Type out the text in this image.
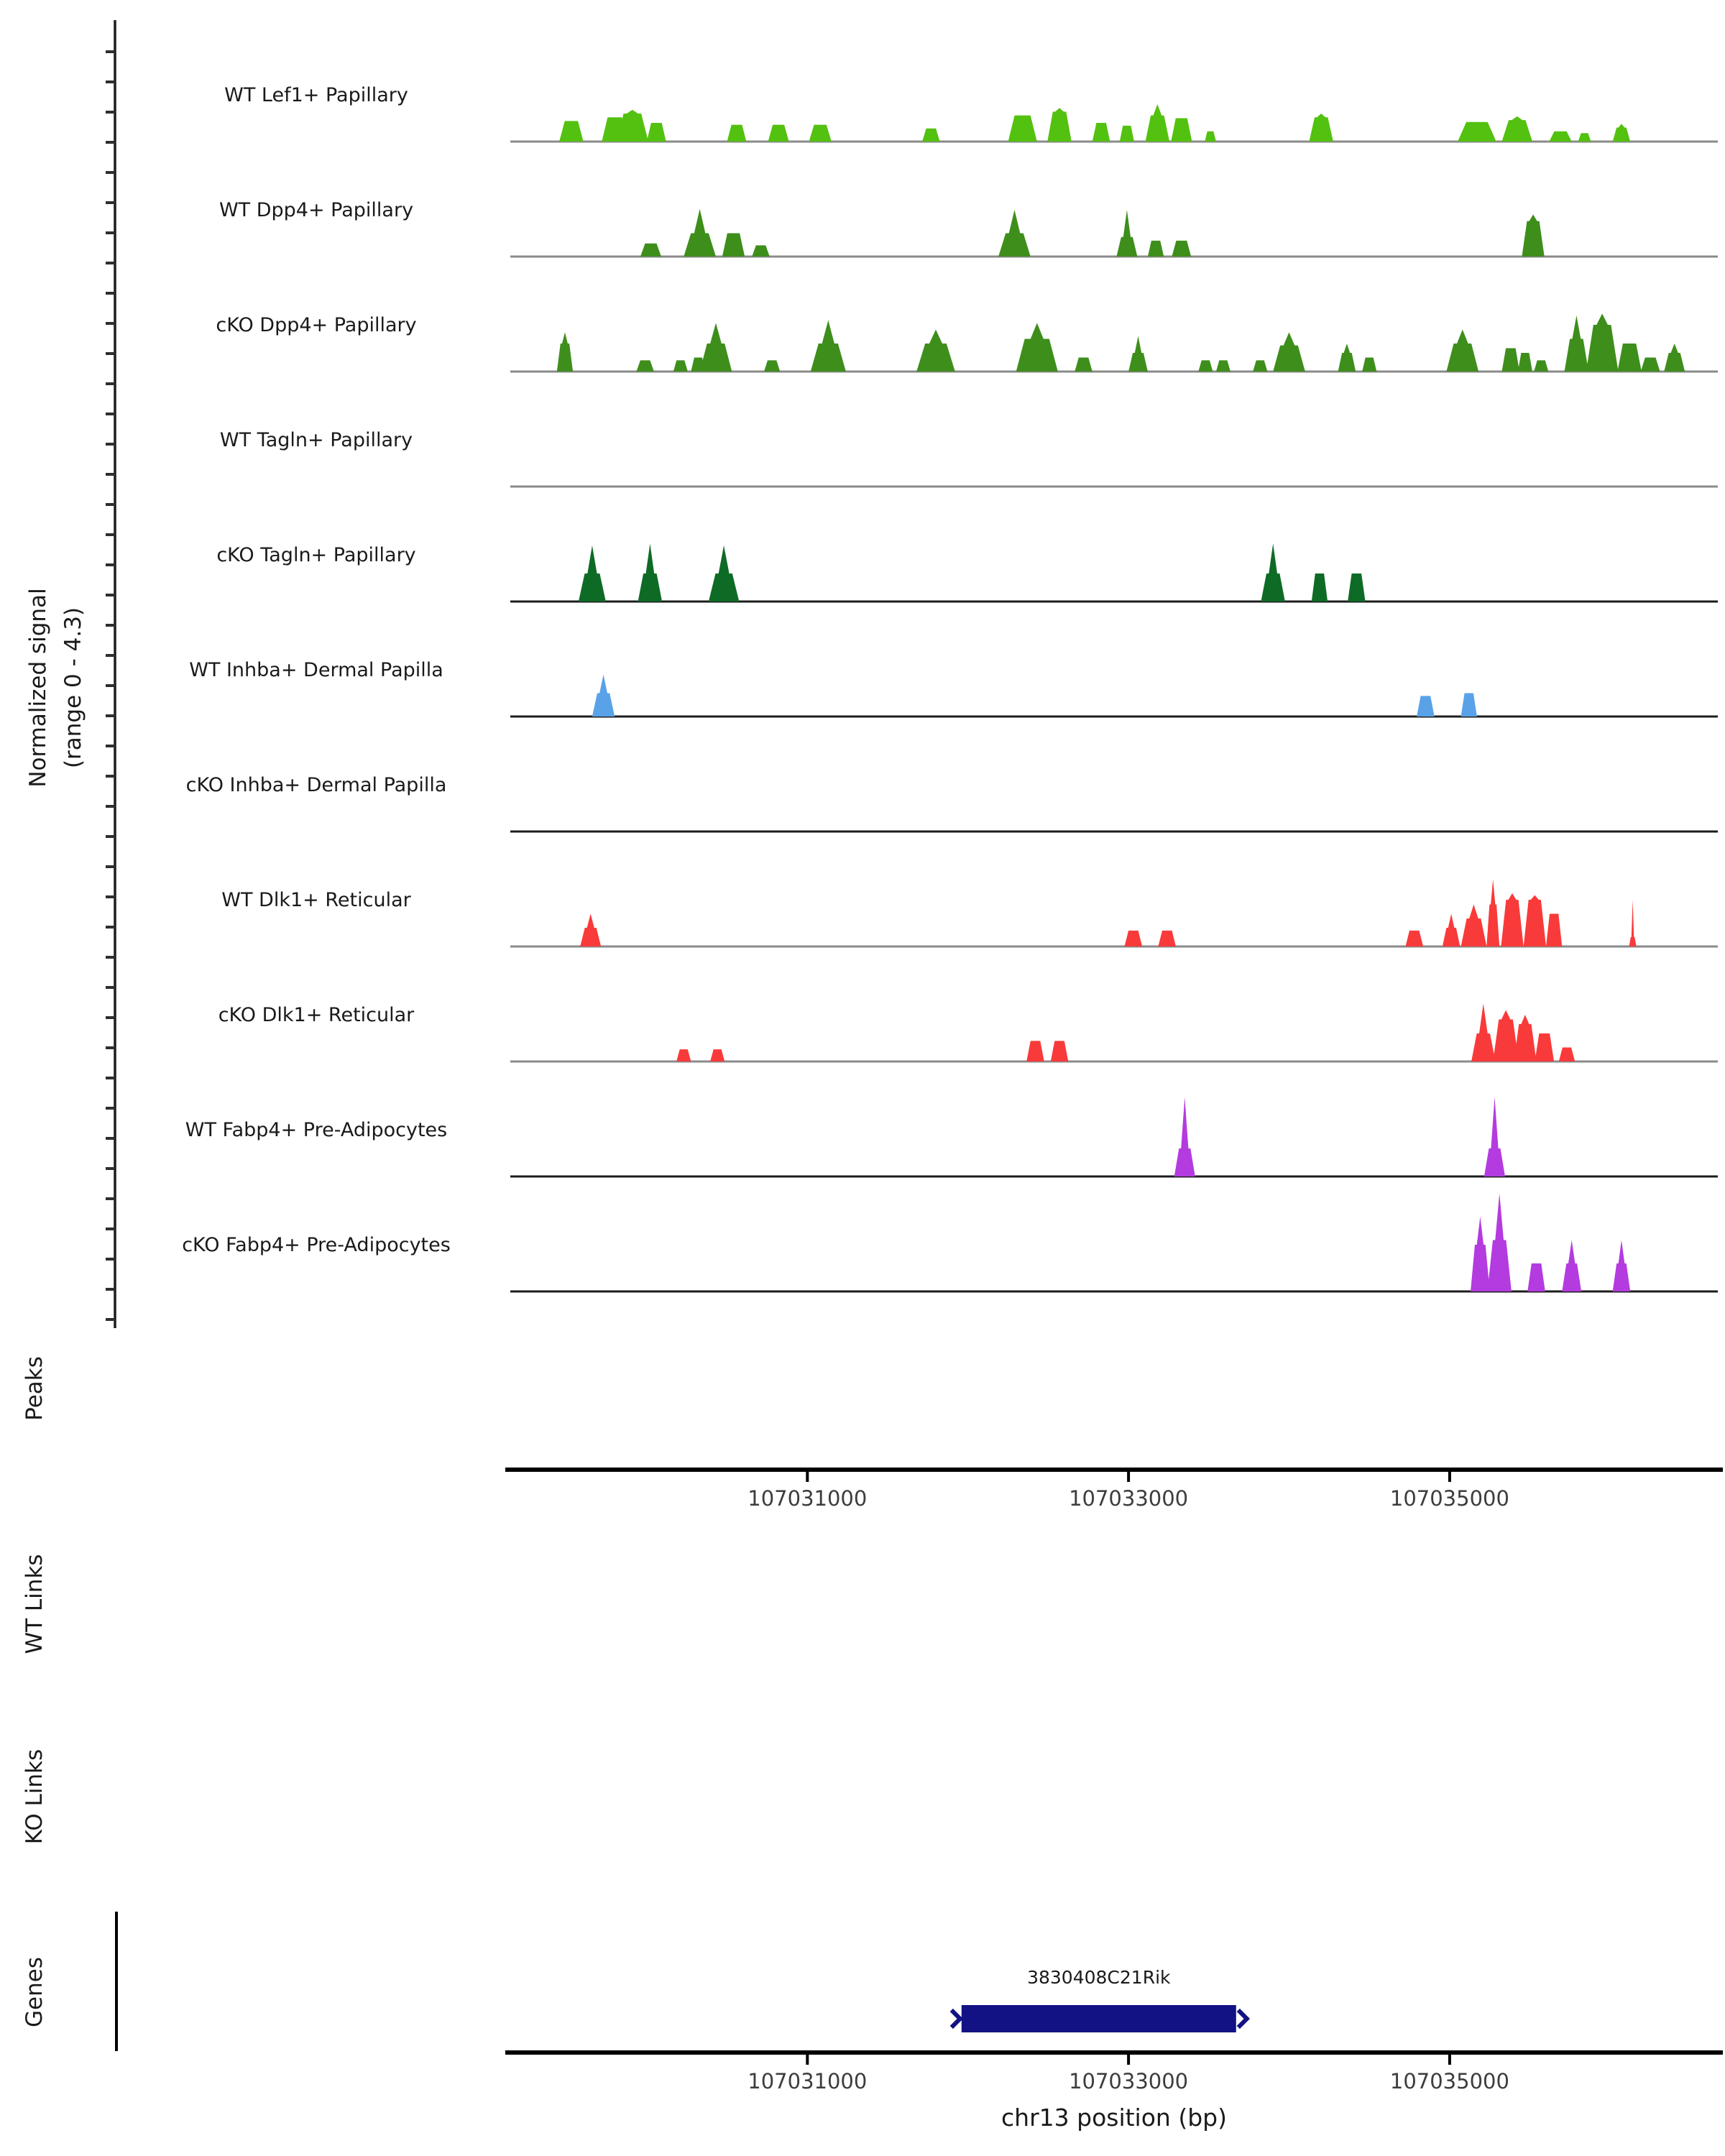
Normalized signal (range 0 - 4.3)
Peaks
WT Links
KO Links
Genes
WT Lef1+ Papillary
WT Dpp4+ Papillary
cKO Dpp4+ Papillary
WT Tagln+ Papillary
cKO Tagln+ Papillary
WT Inhba+ Dermal Papilla
cKO Inhba+ Dermal Papilla
WT Dlk1+ Reticular
cKO Dlk1+ Reticular
WT Fabp4+ Pre-Adipocytes
cKO Fabp4+ Pre-Adipocytes
107031000	107033000	107035000
3830408C21Rik
107031000	107033000	107035000
chr13 position (bp)
